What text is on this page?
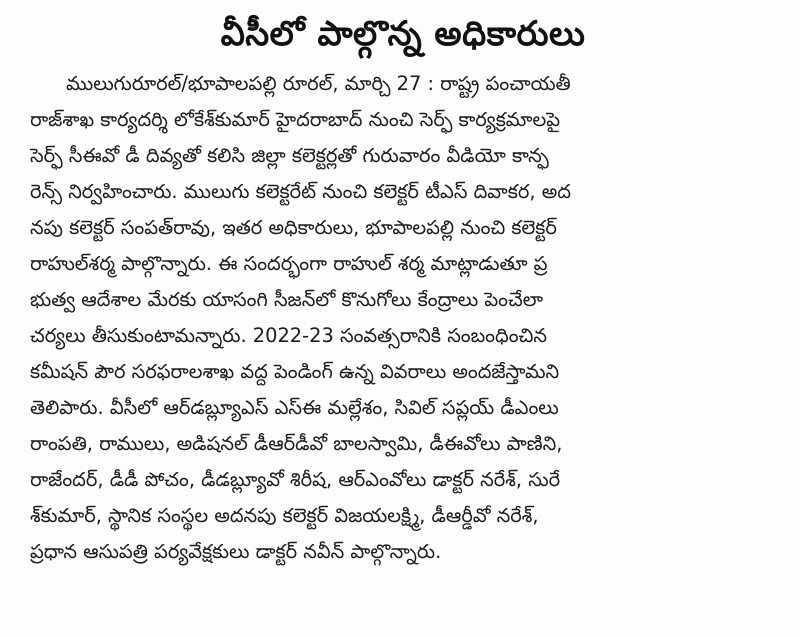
వీసీలో పాల్గొన్న అధికారులు
ములుగురూరల్/భూపాలపల్లి రూరల్, మార్చి 27 : రాష్ట్ర పంచాయతీ
రాజ్‌శాఖ కార్యదర్శి లోకేశ్‌కుమార్ హైదరాబాద్ నుంచి సెర్ఫ్ కార్యక్రమాలపై
సెర్ఫ్ సీఈవో డీ దివ్యతో కలిసి జిల్లా కలెక్టర్లతో గురువారం వీడియో కాన్ఫ
రెన్స్ నిర్వహించారు. ములుగు కలెక్టరేట్ నుంచి కలెక్టర్ టీఎస్ దివాకర, అద
నపు కలెక్టర్ సంపత్‌రావు, ఇతర అధికారులు, భూపాలపల్లి నుంచి కలెక్టర్
రాహుల్‌శర్మ పాల్గొన్నారు. ఈ సందర్భంగా రాహుల్ శర్మ మాట్లాడుతూ ప్ర
భుత్వ ఆదేశాల మేరకు యాసంగి సీజన్‌లో కొనుగోలు కేంద్రాలు పెంచేలా
చర్యలు తీసుకుంటామన్నారు. 2022-23 సంవత్సరానికి సంబంధించిన
కమీషన్ పౌర సరఫరాలశాఖ వద్ద పెండింగ్ ఉన్న వివరాలు అందజేస్తామని
తెలిపారు. వీసీలో ఆర్‌డబ్ల్యూఎస్ ఎస్‌ఈ మల్లేశం, సివిల్ సప్లయ్ డీఎంలు
రాంపతి, రాములు, అడిషనల్ డీఆర్‌డీవో బాలస్వామి, డీఈవోలు పాణిని,
రాజేందర్, డీడీ పోచం, డీడబ్ల్యూవో శిరీష, ఆర్‌ఎంవోలు డాక్టర్ నరేశ్, సురే
శ్‌కుమార్, స్థానిక సంస్థల అదనపు కలెక్టర్ విజయలక్ష్మి, డీఆర్డీవో నరేశ్,
ప్రధాన ఆసుపత్రి పర్యవేక్షకులు డాక్టర్ నవీన్ పాల్గొన్నారు.
